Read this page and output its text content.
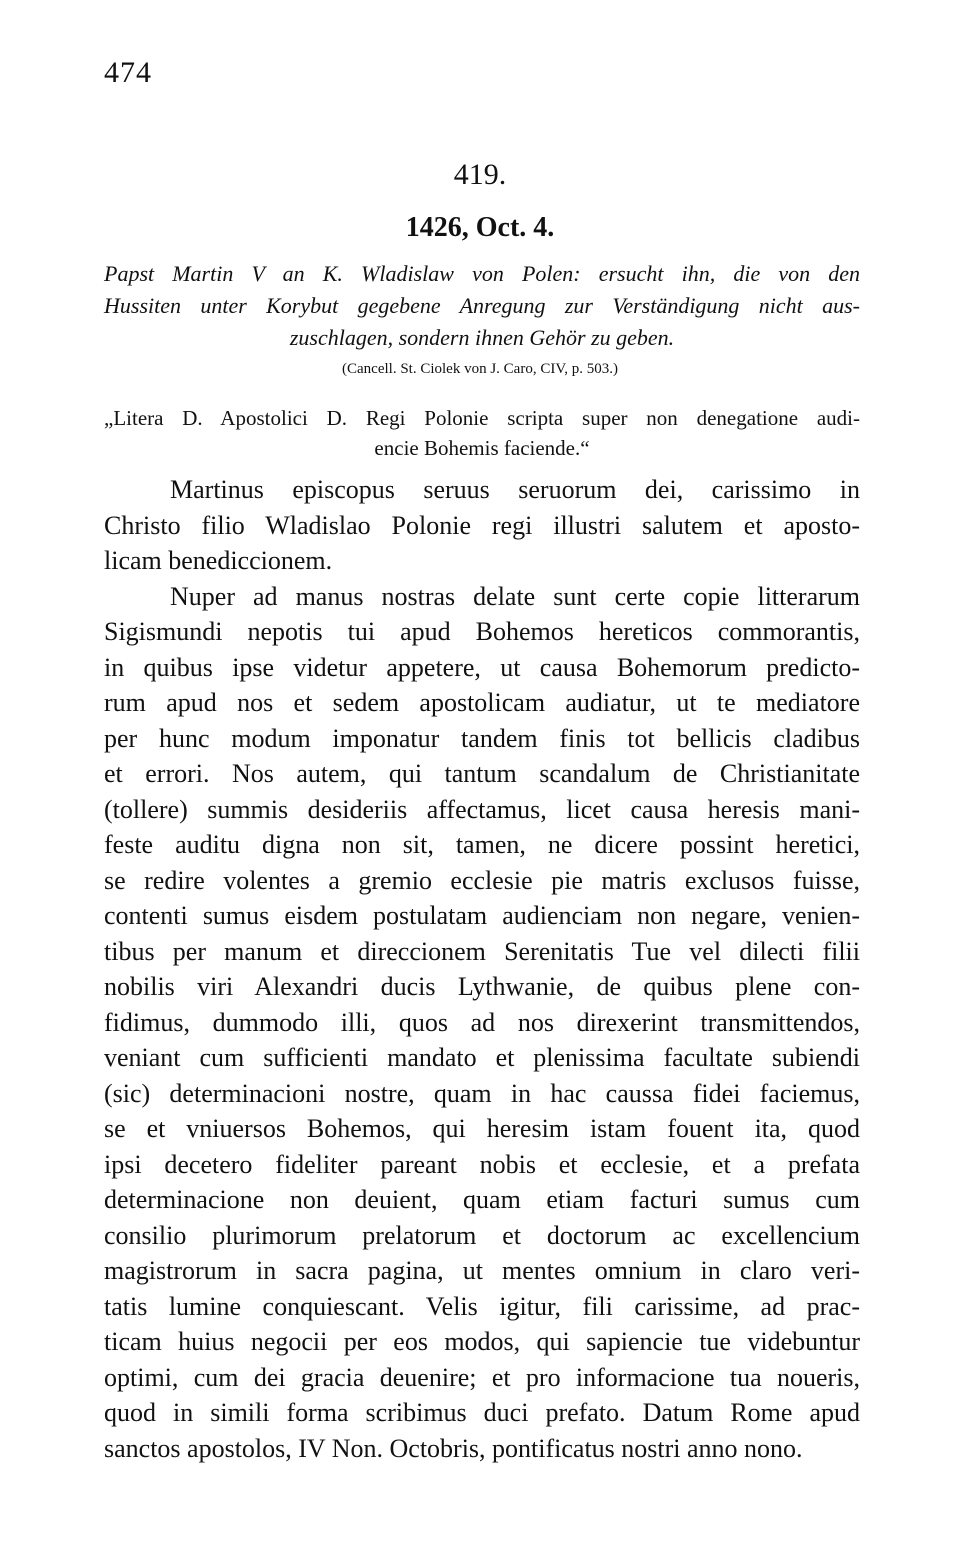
474
419.
1426, Oct. 4.
Papst Martin V an K. Wladislaw von Polen: ersucht ihn, die von den
Hussiten unter Korybut gegebene Anregung zur Verständigung nicht aus-
zuschlagen, sondern ihnen Gehör zu geben.
(Cancell. St. Ciolek von J. Caro, CIV, p. 503.)
„Litera D. Apostolici D. Regi Polonie scripta super non denegatione audi-
encie Bohemis faciende.“
Martinus episcopus seruus seruorum dei, carissimo in
Christo filio Wladislao Polonie regi illustri salutem et aposto-
licam benediccionem.
Nuper ad manus nostras delate sunt certe copie litterarum
Sigismundi nepotis tui apud Bohemos hereticos commorantis,
in quibus ipse videtur appetere, ut causa Bohemorum predicto-
rum apud nos et sedem apostolicam audiatur, ut te mediatore
per hunc modum imponatur tandem finis tot bellicis cladibus
et errori. Nos autem, qui tantum scandalum de Christianitate
(tollere) summis desideriis affectamus, licet causa heresis mani-
feste auditu digna non sit, tamen, ne dicere possint heretici,
se redire volentes a gremio ecclesie pie matris exclusos fuisse,
contenti sumus eisdem postulatam audienciam non negare, venien-
tibus per manum et direccionem Serenitatis Tue vel dilecti filii
nobilis viri Alexandri ducis Lythwanie, de quibus plene con-
fidimus, dummodo illi, quos ad nos direxerint transmittendos,
veniant cum sufficienti mandato et plenissima facultate subiendi
(sic) determinacioni nostre, quam in hac caussa fidei faciemus,
se et vniuersos Bohemos, qui heresim istam fouent ita, quod
ipsi decetero fideliter pareant nobis et ecclesie, et a prefata
determinacione non deuient, quam etiam facturi sumus cum
consilio plurimorum prelatorum et doctorum ac excellencium
magistrorum in sacra pagina, ut mentes omnium in claro veri-
tatis lumine conquiescant. Velis igitur, fili carissime, ad prac-
ticam huius negocii per eos modos, qui sapiencie tue videbuntur
optimi, cum dei gracia deuenire; et pro informacione tua noueris,
quod in simili forma scribimus duci prefato. Datum Rome apud
sanctos apostolos, IV Non. Octobris, pontificatus nostri anno nono.
